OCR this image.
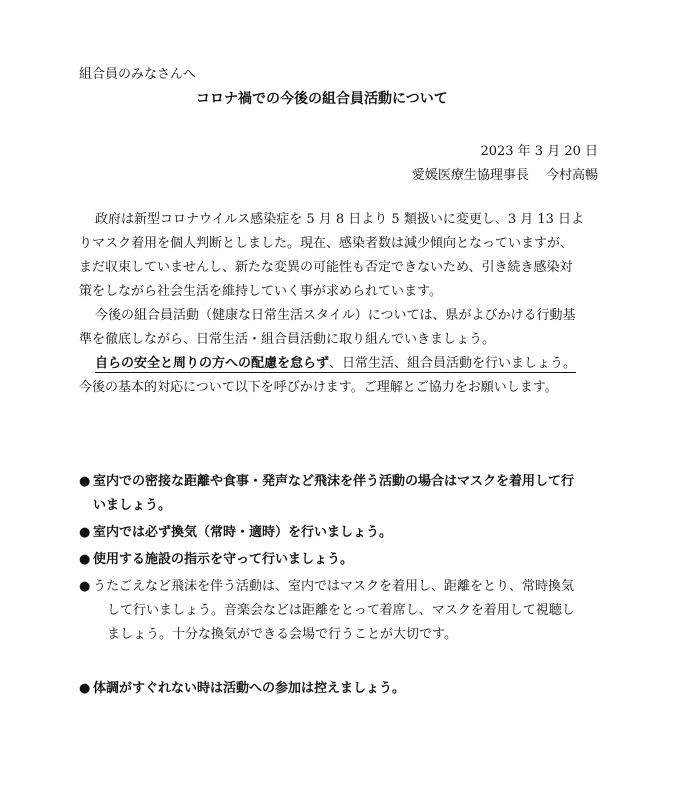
組合員のみなさんへ
コロナ禍での今後の組合員活動について
2023 年 3 月 20 日
愛媛医療生協理事長　 今村高暢
政府は新型コロナウイルス感染症を 5 月 8 日より 5 類扱いに変更し、3 月 13 日よ
りマスク着用を個人判断としました。現在、感染者数は減少傾向となっていますが、
まだ収束していませんし、新たな変異の可能性も否定できないため、引き続き感染対
策をしながら社会生活を維持していく事が求められています。
今後の組合員活動（健康な日常生活スタイル）については、県がよびかける行動基
準を徹底しながら、日常生活・組合員活動に取り組んでいきましょう。
自らの安全と周りの方への配慮を怠らず、日常生活、組合員活動を行いましょう。
今後の基本的対応について以下を呼びかけます。ご理解とご協力をお願いします。
● 室内での密接な距離や食事・発声など飛沫を伴う活動の場合はマスクを着用して行
いましょう。
● 室内では必ず換気（常時・適時）を行いましょう。
● 使用する施設の指示を守って行いましょう。
● うたごえなど飛沫を伴う活動は、室内ではマスクを着用し、距離をとり、常時換気
して行いましょう。音楽会などは距離をとって着席し、マスクを着用して視聴し
ましょう。十分な換気ができる会場で行うことが大切です。
● 体調がすぐれない時は活動への参加は控えましょう。
